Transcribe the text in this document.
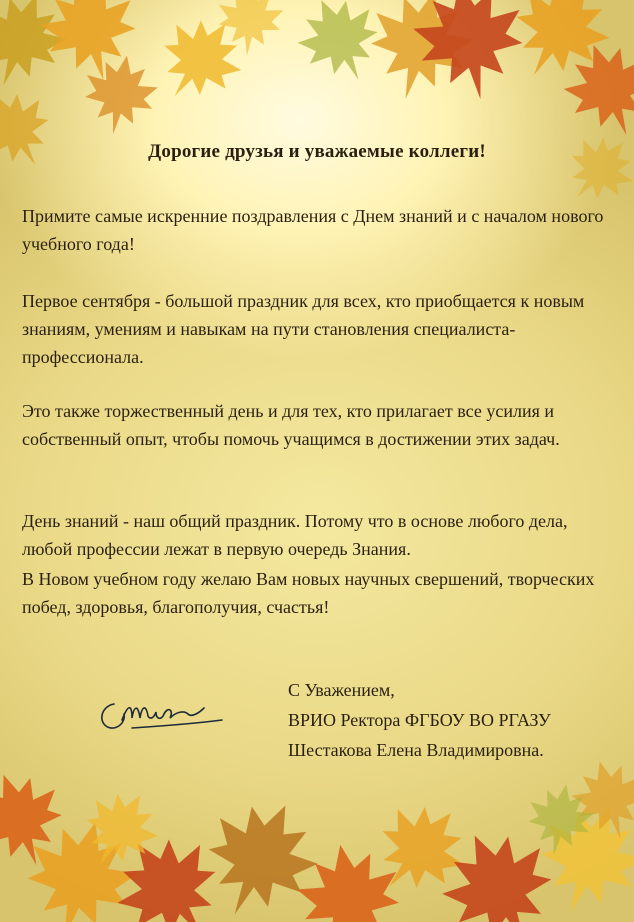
Дорогие друзья и уважаемые коллеги!

Примите самые искренние поздравления с Днем знаний и с началом нового учебного года!

Первое сентября - большой праздник для всех, кто приобщается к новым знаниям, умениям и навыкам на пути становления специалиста-профессионала.

Это также торжественный день и для тех, кто прилагает все усилия и собственный опыт, чтобы помочь учащимся в достижении этих задач.

День знаний - наш общий праздник. Потому что в основе любого дела, любой профессии лежат в первую очередь Знания.

В Новом учебном году желаю Вам новых научных свершений, творческих побед, здоровья, благополучия, счастья!

С Уважением,
ВРИО Ректора ФГБОУ ВО РГАЗУ
Шестакова Елена Владимировна.
